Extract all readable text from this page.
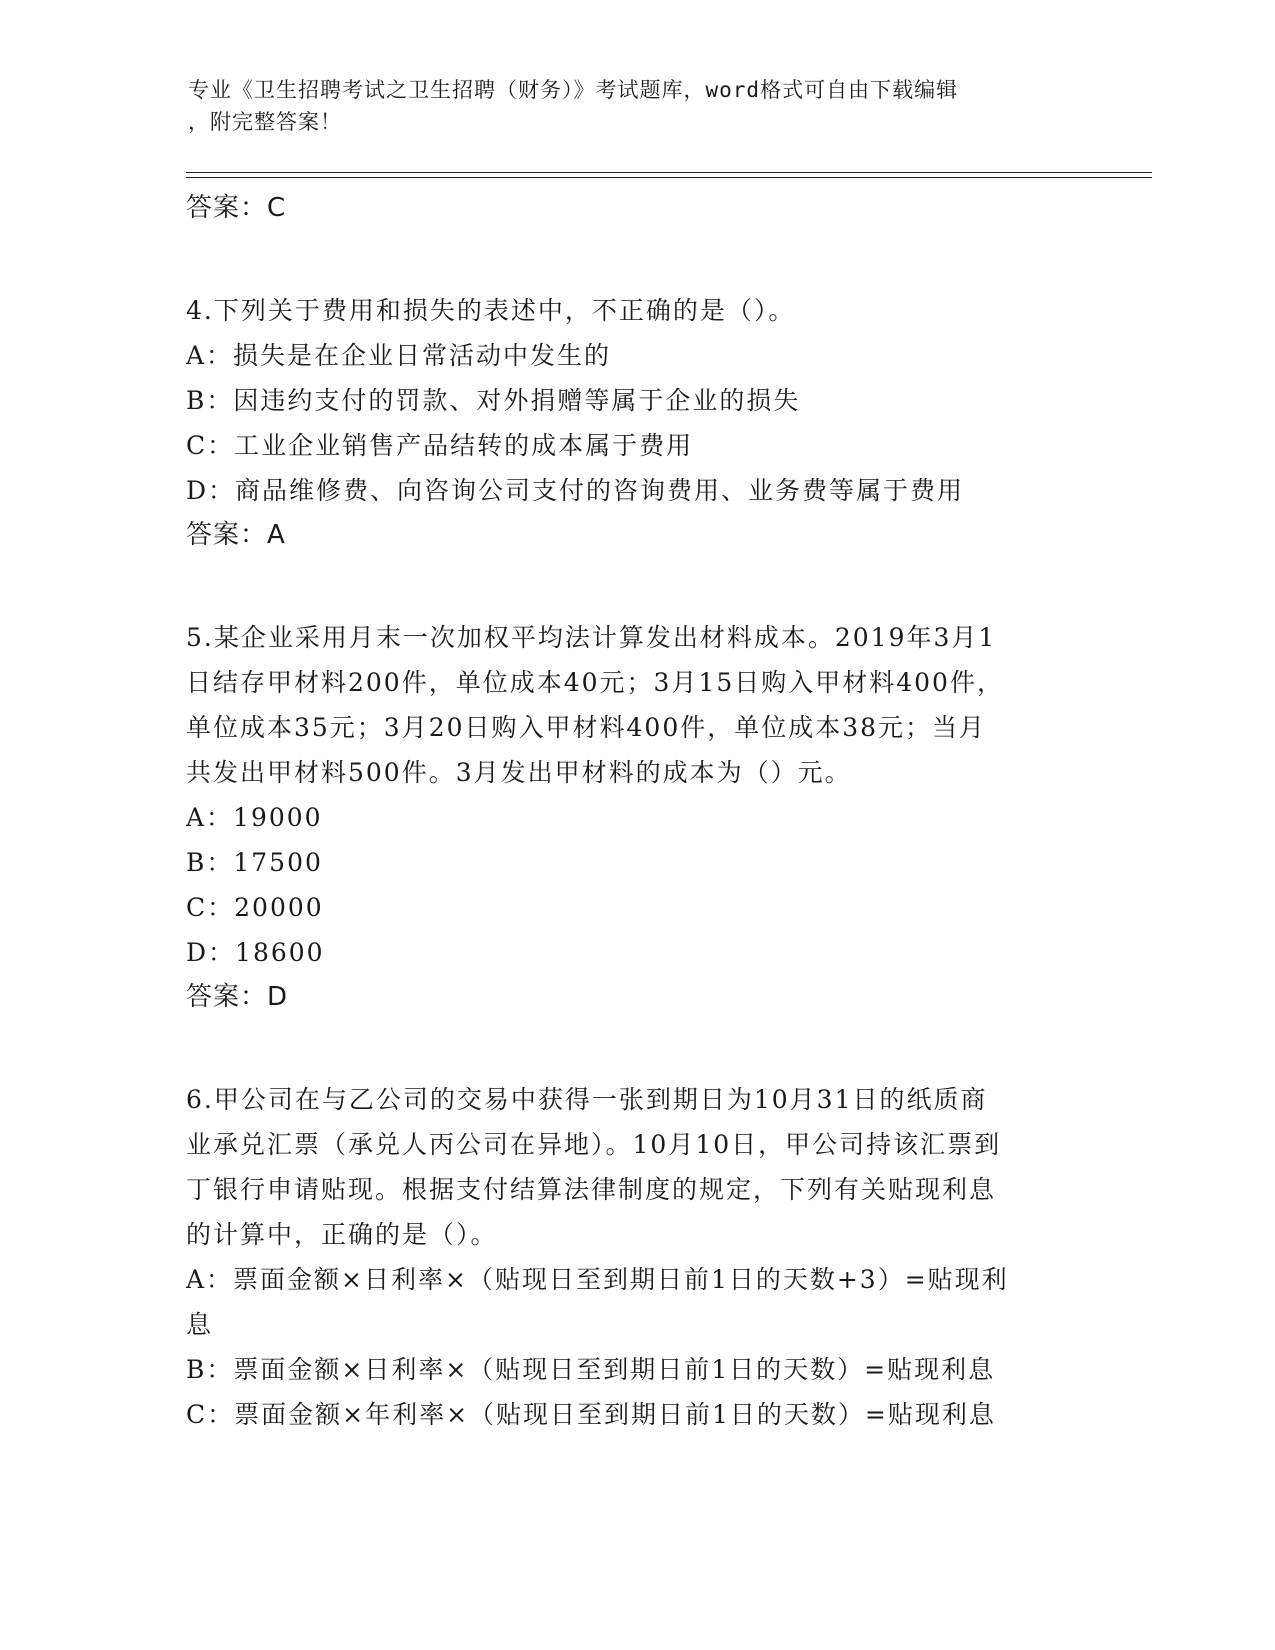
专业《卫生招聘考试之卫生招聘（财务）》考试题库，word格式可自由下载编辑
，附完整答案！
答案：C
4.下列关于费用和损失的表述中，不正确的是（）。
A：损失是在企业日常活动中发生的
B：因违约支付的罚款、对外捐赠等属于企业的损失
C：工业企业销售产品结转的成本属于费用
D：商品维修费、向咨询公司支付的咨询费用、业务费等属于费用
答案：A
5.某企业采用月末一次加权平均法计算发出材料成本。2019年3月1
日结存甲材料200件，单位成本40元；3月15日购入甲材料400件，
单位成本35元；3月20日购入甲材料400件，单位成本38元；当月
共发出甲材料500件。3月发出甲材料的成本为（）元。
A：19000
B：17500
C：20000
D：18600
答案：D
6.甲公司在与乙公司的交易中获得一张到期日为10月31日的纸质商
业承兑汇票（承兑人丙公司在异地）。10月10日，甲公司持该汇票到
丁银行申请贴现。根据支付结算法律制度的规定，下列有关贴现利息
的计算中，正确的是（）。
A：票面金额×日利率×（贴现日至到期日前1日的天数+3）=贴现利
息
B：票面金额×日利率×（贴现日至到期日前1日的天数）=贴现利息
C：票面金额×年利率×（贴现日至到期日前1日的天数）=贴现利息
